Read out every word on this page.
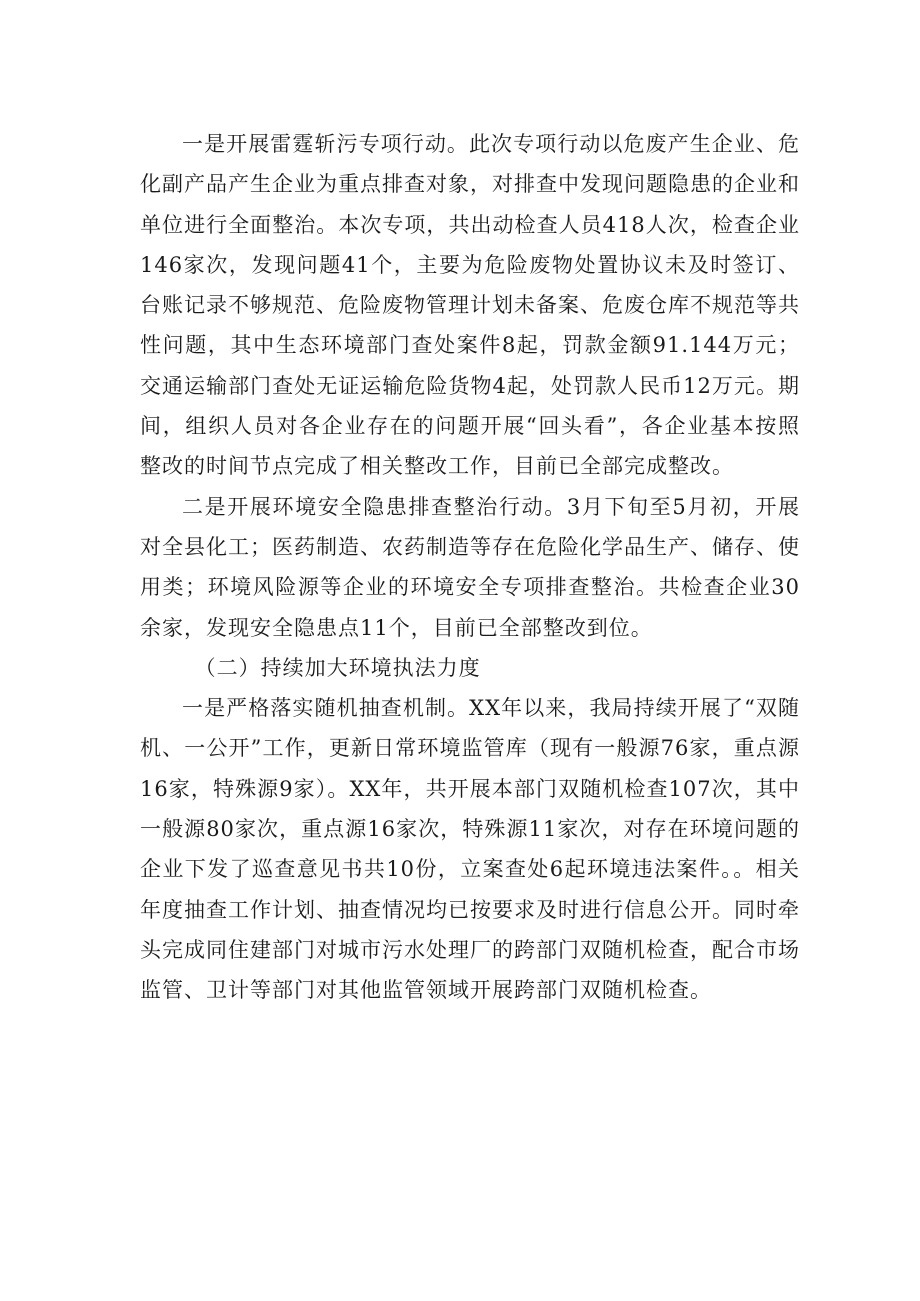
一是开展雷霆斩污专项行动。此次专项行动以危废产生企业、危化副产品产生企业为重点排查对象，对排查中发现问题隐患的企业和单位进行全面整治。本次专项，共出动检查人员418人次，检查企业146家次，发现问题41个，主要为危险废物处置协议未及时签订、台账记录不够规范、危险废物管理计划未备案、危废仓库不规范等共性问题，其中生态环境部门查处案件8起，罚款金额91.144万元；交通运输部门查处无证运输危险货物4起，处罚款人民币12万元。期间，组织人员对各企业存在的问题开展“回头看”，各企业基本按照整改的时间节点完成了相关整改工作，目前已全部完成整改。

二是开展环境安全隐患排查整治行动。3月下旬至5月初，开展对全县化工；医药制造、农药制造等存在危险化学品生产、储存、使用类；环境风险源等企业的环境安全专项排查整治。共检查企业30余家，发现安全隐患点11个，目前已全部整改到位。

（二）持续加大环境执法力度

一是严格落实随机抽查机制。XX年以来，我局持续开展了“双随机、一公开”工作，更新日常环境监管库（现有一般源76家，重点源16家，特殊源9家）。XX年，共开展本部门双随机检查107次，其中一般源80家次，重点源16家次，特殊源11家次，对存在环境问题的企业下发了巡查意见书共10份，立案查处6起环境违法案件。。相关年度抽查工作计划、抽查情况均已按要求及时进行信息公开。同时牵头完成同住建部门对城市污水处理厂的跨部门双随机检查，配合市场监管、卫计等部门对其他监管领域开展跨部门双随机检查。
